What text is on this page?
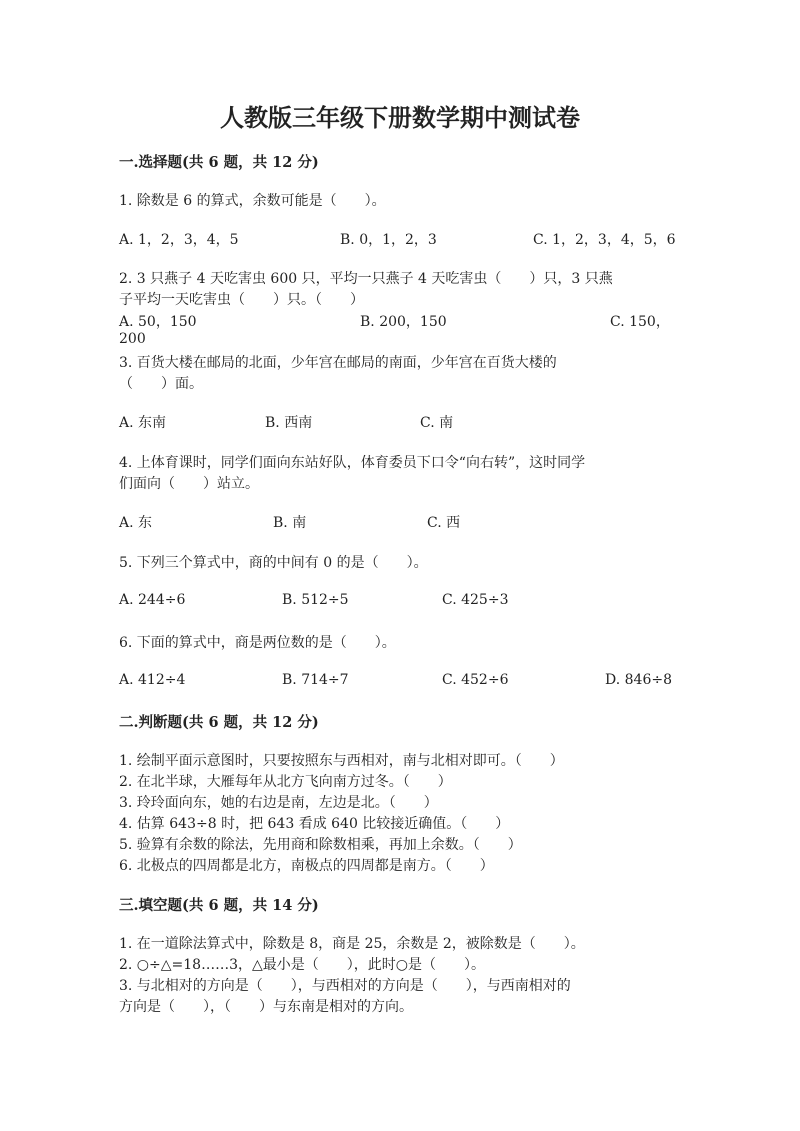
人教版三年级下册数学期中测试卷
一.选择题(共 6 题，共 12 分)
1. 除数是 6 的算式，余数可能是（　　）。
A. 1，2，3，4，5	B. 0，1，2，3	C. 1，2，3，4，5，6
2. 3 只燕子 4 天吃害虫 600 只，平均一只燕子 4 天吃害虫（　　）只，3 只燕
子平均一天吃害虫（　　）只。（　　）
A. 50，150	B. 200，150	C. 150，
200
3. 百货大楼在邮局的北面，少年宫在邮局的南面，少年宫在百货大楼的
（　　）面。
A. 东南	B. 西南	C. 南
4. 上体育课时，同学们面向东站好队，体育委员下口令“向右转”，这时同学
们面向（　　）站立。
A. 东	B. 南	C. 西
5. 下列三个算式中，商的中间有 0 的是（　　）。
A. 244÷6	B. 512÷5	C. 425÷3
6. 下面的算式中，商是两位数的是（　　）。
A. 412÷4	B. 714÷7	C. 452÷6	D. 846÷8
二.判断题(共 6 题，共 12 分)
1. 绘制平面示意图时，只要按照东与西相对，南与北相对即可。（　　）
2. 在北半球，大雁每年从北方飞向南方过冬。（　　）
3. 玲玲面向东，她的右边是南，左边是北。（　　）
4. 估算 643÷8 时，把 643 看成 640 比较接近确值。（　　）
5. 验算有余数的除法，先用商和除数相乘，再加上余数。（　　）
6. 北极点的四周都是北方，南极点的四周都是南方。（　　）
三.填空题(共 6 题，共 14 分)
1. 在一道除法算式中，除数是 8，商是 25，余数是 2，被除数是（　　）。
2. ○÷△=18……3，△最小是（　　），此时○是（　　）。
3. 与北相对的方向是（　　），与西相对的方向是（　　），与西南相对的
方向是（　　），（　　）与东南是相对的方向。
